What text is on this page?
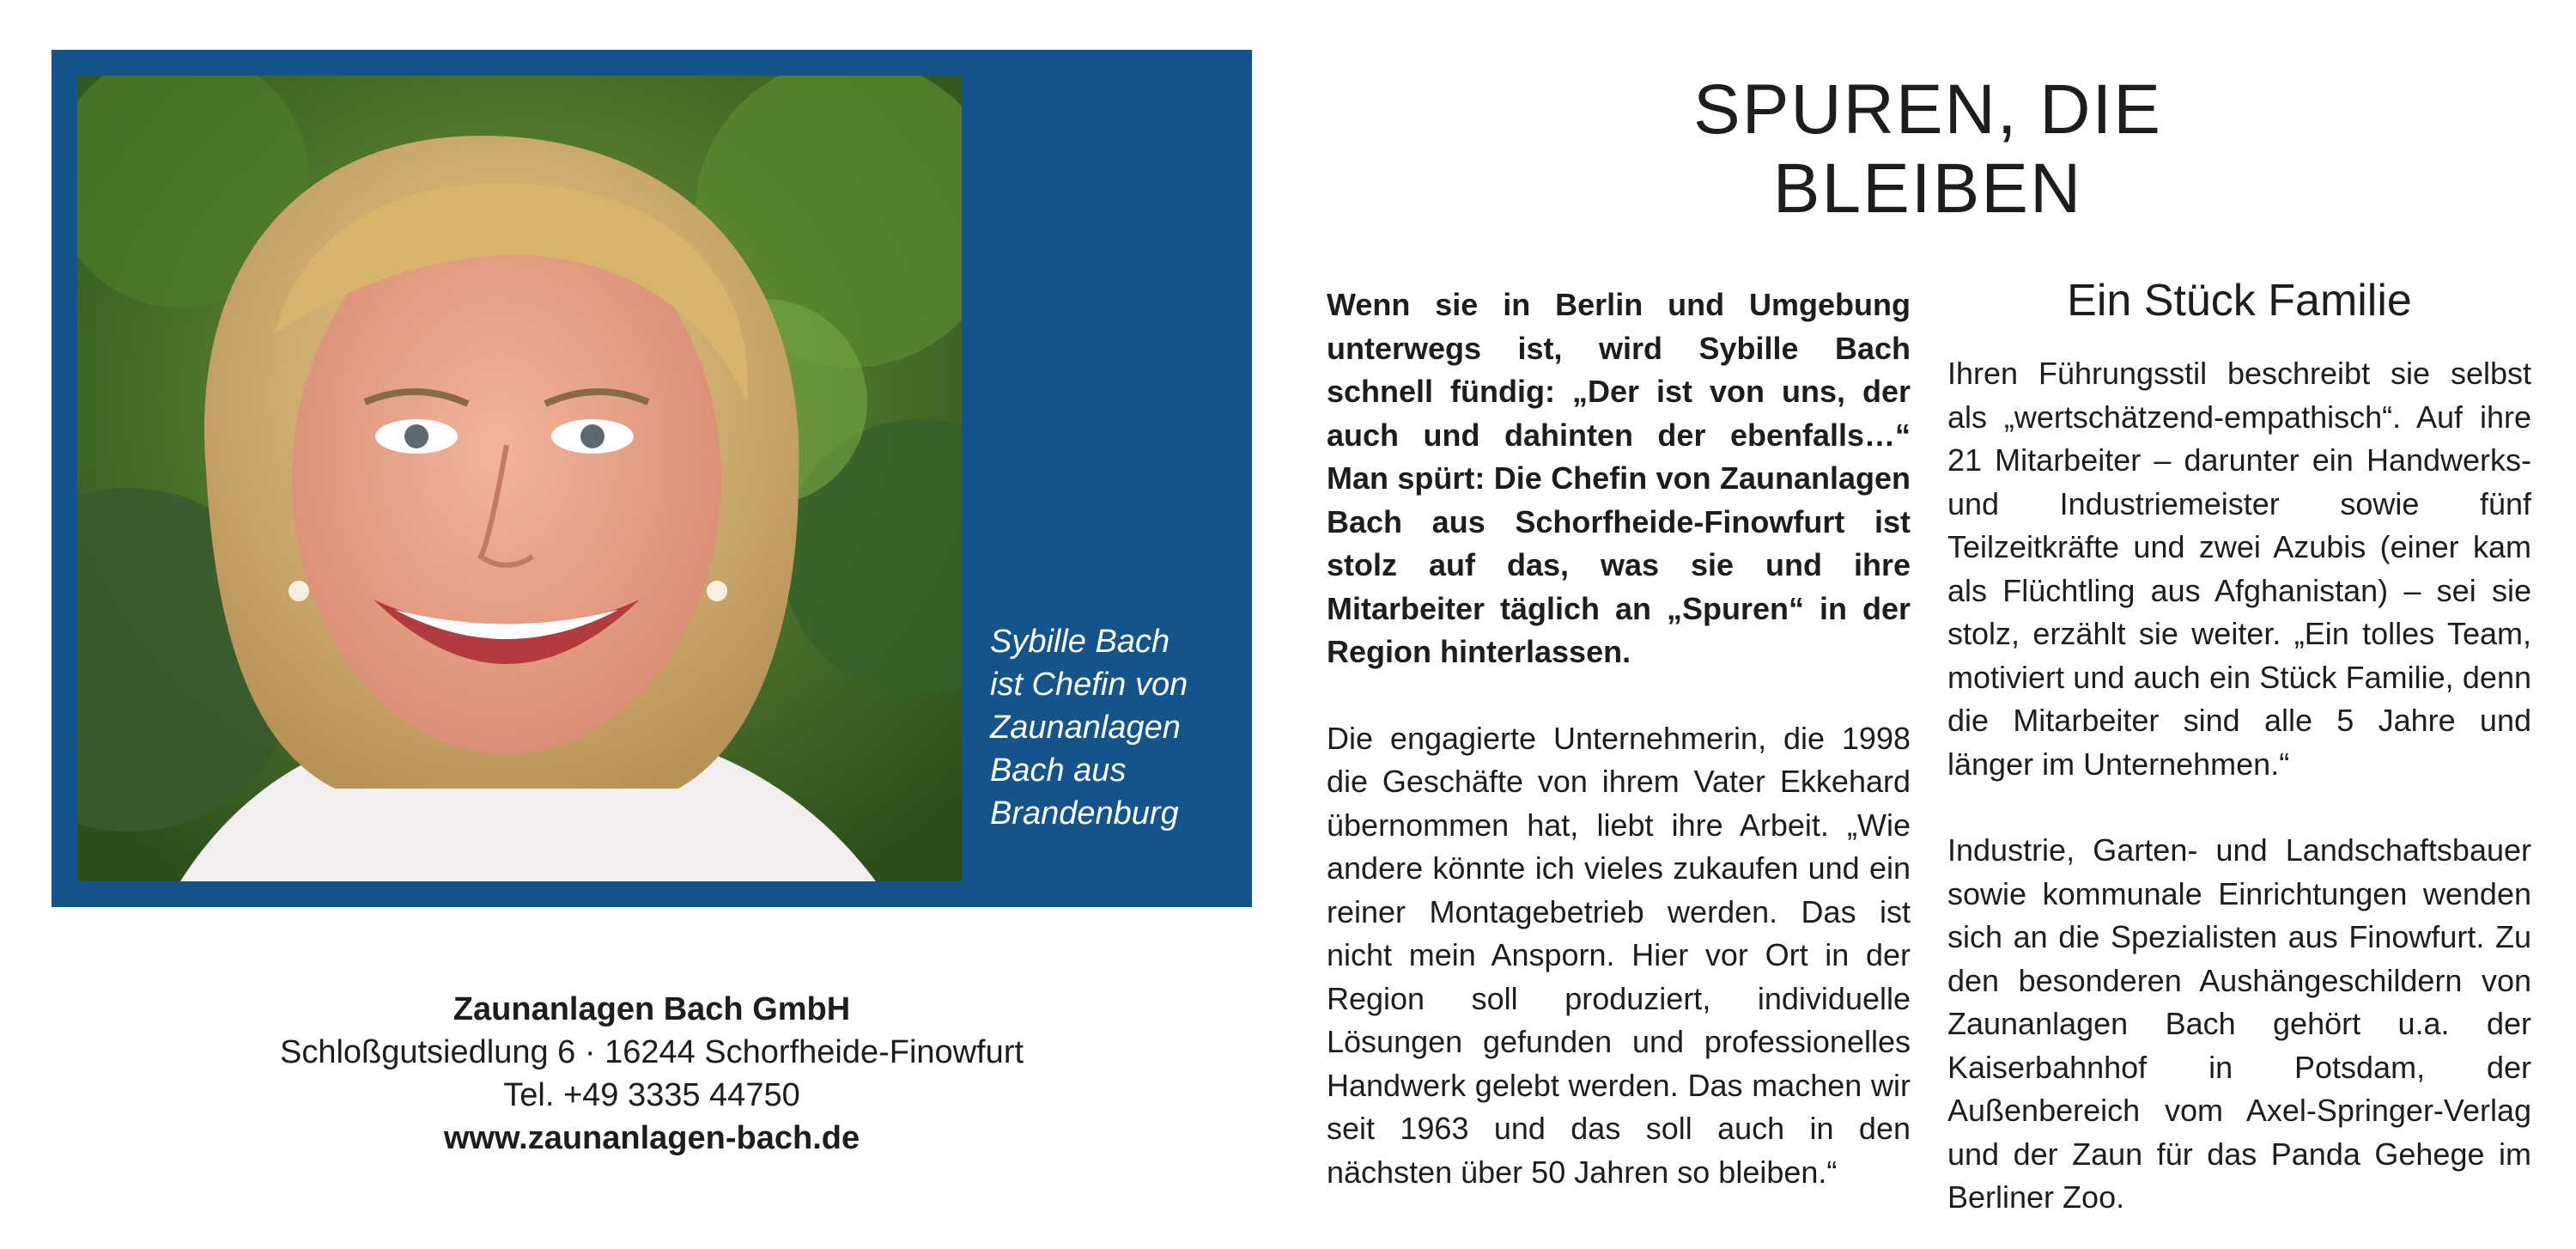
Sybille Bach
ist Chefin von
Zaunanlagen
Bach aus
Brandenburg
Zaunanlagen Bach GmbH
Schloßgutsiedlung 6 · 16244 Schorfheide-Finowfurt
Tel. +49 3335 44750
www.zaunanlagen-bach.de
SPUREN, DIE
BLEIBEN

Wenn sie in Berlin und Umgebung unterwegs ist, wird Sybille Bach schnell fündig: „Der ist von uns, der auch und dahinten der ebenfalls…“ Man spürt: Die Chefin von Zaunanlagen Bach aus Schorfheide-Finowfurt ist stolz auf das, was sie und ihre Mitarbeiter täglich an „Spuren“ in der Region hinterlassen.

Die engagierte Unternehmerin, die 1998 die Geschäfte von ihrem Vater Ekkehard übernommen hat, liebt ihre Arbeit. „Wie andere könnte ich vieles zukaufen und ein reiner Montagebetrieb werden. Das ist nicht mein Ansporn. Hier vor Ort in der Region soll produziert, individuelle Lösungen gefunden und professionelles Handwerk gelebt werden. Das machen wir seit 1963 und das soll auch in den nächsten über 50 Jahren so bleiben.“

Ein Stück Familie

Ihren Führungsstil beschreibt sie selbst als „wertschätzend-empathisch“. Auf ihre 21 Mitarbeiter – darunter ein Handwerks- und Industriemeister sowie fünf Teilzeitkräfte und zwei Azubis (einer kam als Flüchtling aus Afghanistan) – sei sie stolz, erzählt sie weiter. „Ein tolles Team, motiviert und auch ein Stück Familie, denn die Mitarbeiter sind alle 5 Jahre und länger im Unternehmen.“

Industrie, Garten- und Landschaftsbauer sowie kommunale Einrichtungen wenden sich an die Spezialisten aus Finowfurt. Zu den besonderen Aushängeschildern von Zaunanlagen Bach gehört u.a. der Kaiserbahnhof in Potsdam, der Außenbereich vom Axel-Springer-Verlag und der Zaun für das Panda Gehege im Berliner Zoo.
